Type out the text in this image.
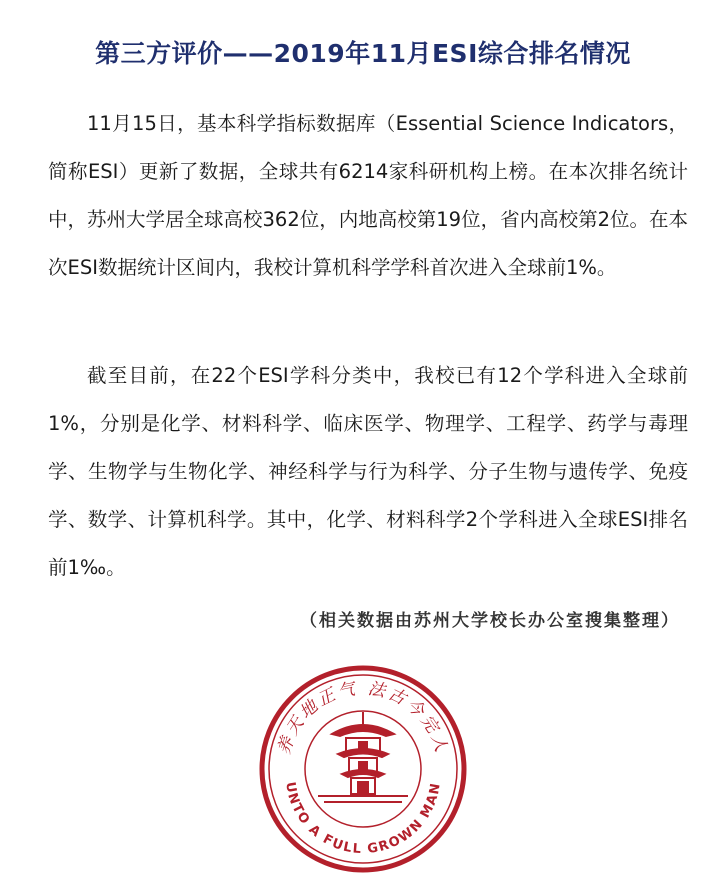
第三方评价——2019年11月ESI综合排名情况

11月15日，基本科学指标数据库（Essential Science Indicators，简称ESI）更新了数据，全球共有6214家科研机构上榜。在本次排名统计中，苏州大学居全球高校362位，内地高校第19位，省内高校第2位。在本次ESI数据统计区间内，我校计算机科学学科首次进入全球前1%。

截至目前，在22个ESI学科分类中，我校已有12个学科进入全球前1%，分别是化学、材料科学、临床医学、物理学、工程学、药学与毒理学、生物学与生物化学、神经科学与行为科学、分子生物与遗传学、免疫学、数学、计算机科学。其中，化学、材料科学2个学科进入全球ESI排名前1‰。

（相关数据由苏州大学校长办公室搜集整理）

养天地正气 法古今完人
UNTO A FULL GROWN MAN
